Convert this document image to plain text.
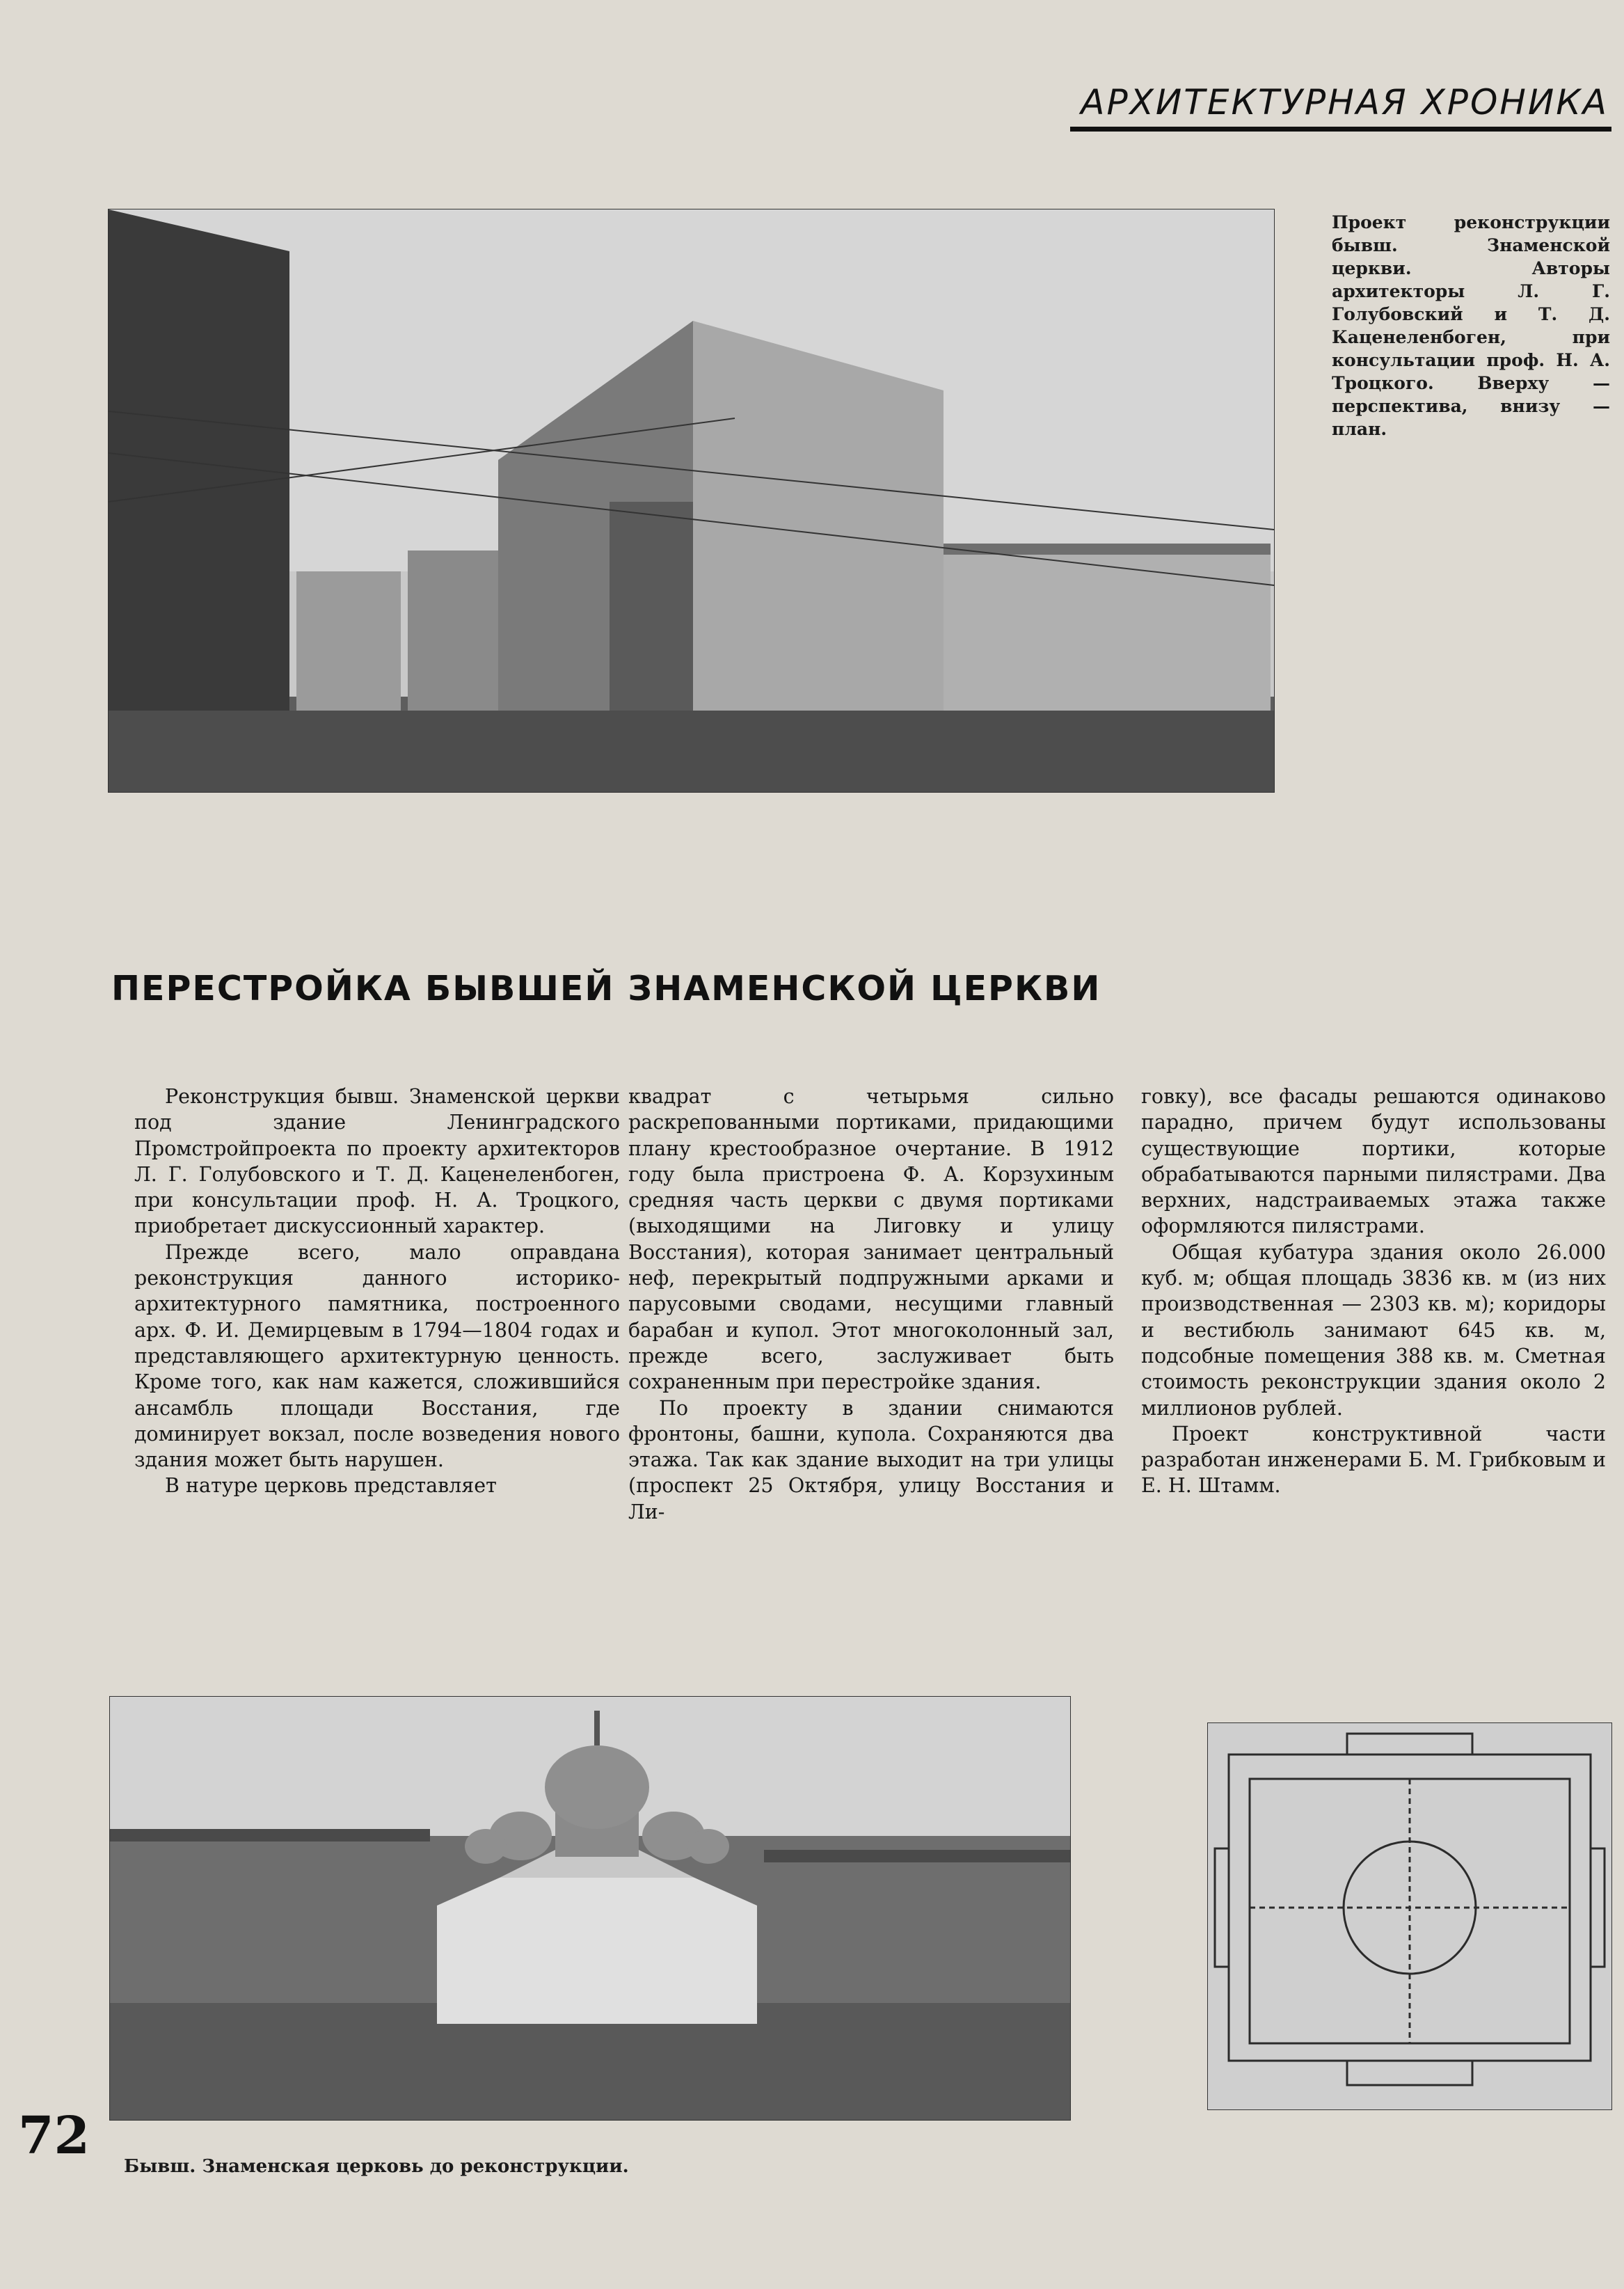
АРХИТЕКТУРНАЯ ХРОНИКА
Проект реконструкции бывш. Знаменской церкви. Авторы архитекторы Л. Г. Голубовский и Т. Д. Каценеленбоген, при консультации проф. Н. А. Троцкого. Вверху — перспектива, внизу — план.
ПЕРЕСТРОЙКА БЫВШЕЙ ЗНАМЕНСКОЙ ЦЕРКВИ

Реконструкция бывш. Знаменской церкви под здание Ленинградского Промстройпроекта по проекту архитекторов Л. Г. Голубовского и Т. Д. Каценеленбоген, при консультации проф. Н. А. Троцкого, приобретает дискуссионный характер.

Прежде всего, мало оправдана реконструкция данного историко-архитектурного памятника, построенного арх. Ф. И. Демирцевым в 1794—1804 годах и представляющего архитектурную ценность. Кроме того, как нам кажется, сложившийся ансамбль площади Восстания, где доминирует вокзал, после возведения нового здания может быть нарушен.

В натуре церковь представляет

квадрат с четырьмя сильно раскрепованными портиками, придающими плану крестообразное очертание. В 1912 году была пристроена Ф. А. Корзухиным средняя часть церкви с двумя портиками (выходящими на Лиговку и улицу Восстания), которая занимает центральный неф, перекрытый подпружными арками и парусовыми сводами, несущими главный барабан и купол. Этот многоколонный зал, прежде всего, заслуживает быть сохраненным при перестройке здания.

По проекту в здании снимаются фронтоны, башни, купола. Сохраняются два этажа. Так как здание выходит на три улицы (проспект 25 Октября, улицу Восстания и Ли-

говку), все фасады решаются одинаково парадно, причем будут использованы существующие портики, которые обрабатываются парными пилястрами. Два верхних, надстраиваемых этажа также оформляются пилястрами.

Общая кубатура здания около 26.000 куб. м; общая площадь 3836 кв. м (из них производственная — 2303 кв. м); коридоры и вестибюль занимают 645 кв. м, подсобные помещения 388 кв. м. Сметная стоимость реконструкции здания около 2 миллионов рублей.

Проект конструктивной части разработан инженерами Б. М. Грибковым и Е. Н. Штамм.

72
Бывш. Знаменская церковь до реконструкции.
